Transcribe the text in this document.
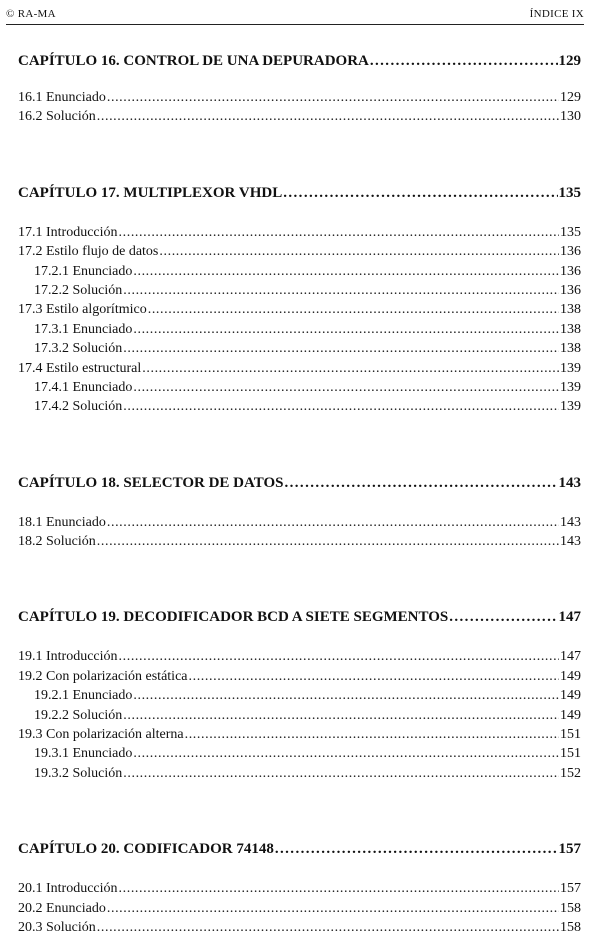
© RA-MA	ÍNDICE IX
CAPÍTULO 16. CONTROL DE UNA DEPURADORA .....	129
16.1 Enunciado .....	129
16.2 Solución .....	130
CAPÍTULO 17. MULTIPLEXOR VHDL .....	135
17.1 Introducción .....	135
17.2 Estilo flujo de datos .....	136
17.2.1 Enunciado .....	136
17.2.2 Solución .....	136
17.3 Estilo algorítmico .....	138
17.3.1 Enunciado .....	138
17.3.2 Solución .....	138
17.4 Estilo estructural .....	139
17.4.1 Enunciado .....	139
17.4.2 Solución .....	139
CAPÍTULO 18. SELECTOR DE DATOS .....	143
18.1 Enunciado .....	143
18.2 Solución .....	143
CAPÍTULO 19. DECODIFICADOR BCD A SIETE SEGMENTOS .....	147
19.1 Introducción .....	147
19.2 Con polarización estática .....	149
19.2.1 Enunciado .....	149
19.2.2 Solución .....	149
19.3 Con polarización alterna .....	151
19.3.1 Enunciado .....	151
19.3.2 Solución .....	152
CAPÍTULO 20. CODIFICADOR 74148 .....	157
20.1 Introducción .....	157
20.2 Enunciado .....	158
20.3 Solución .....	158
